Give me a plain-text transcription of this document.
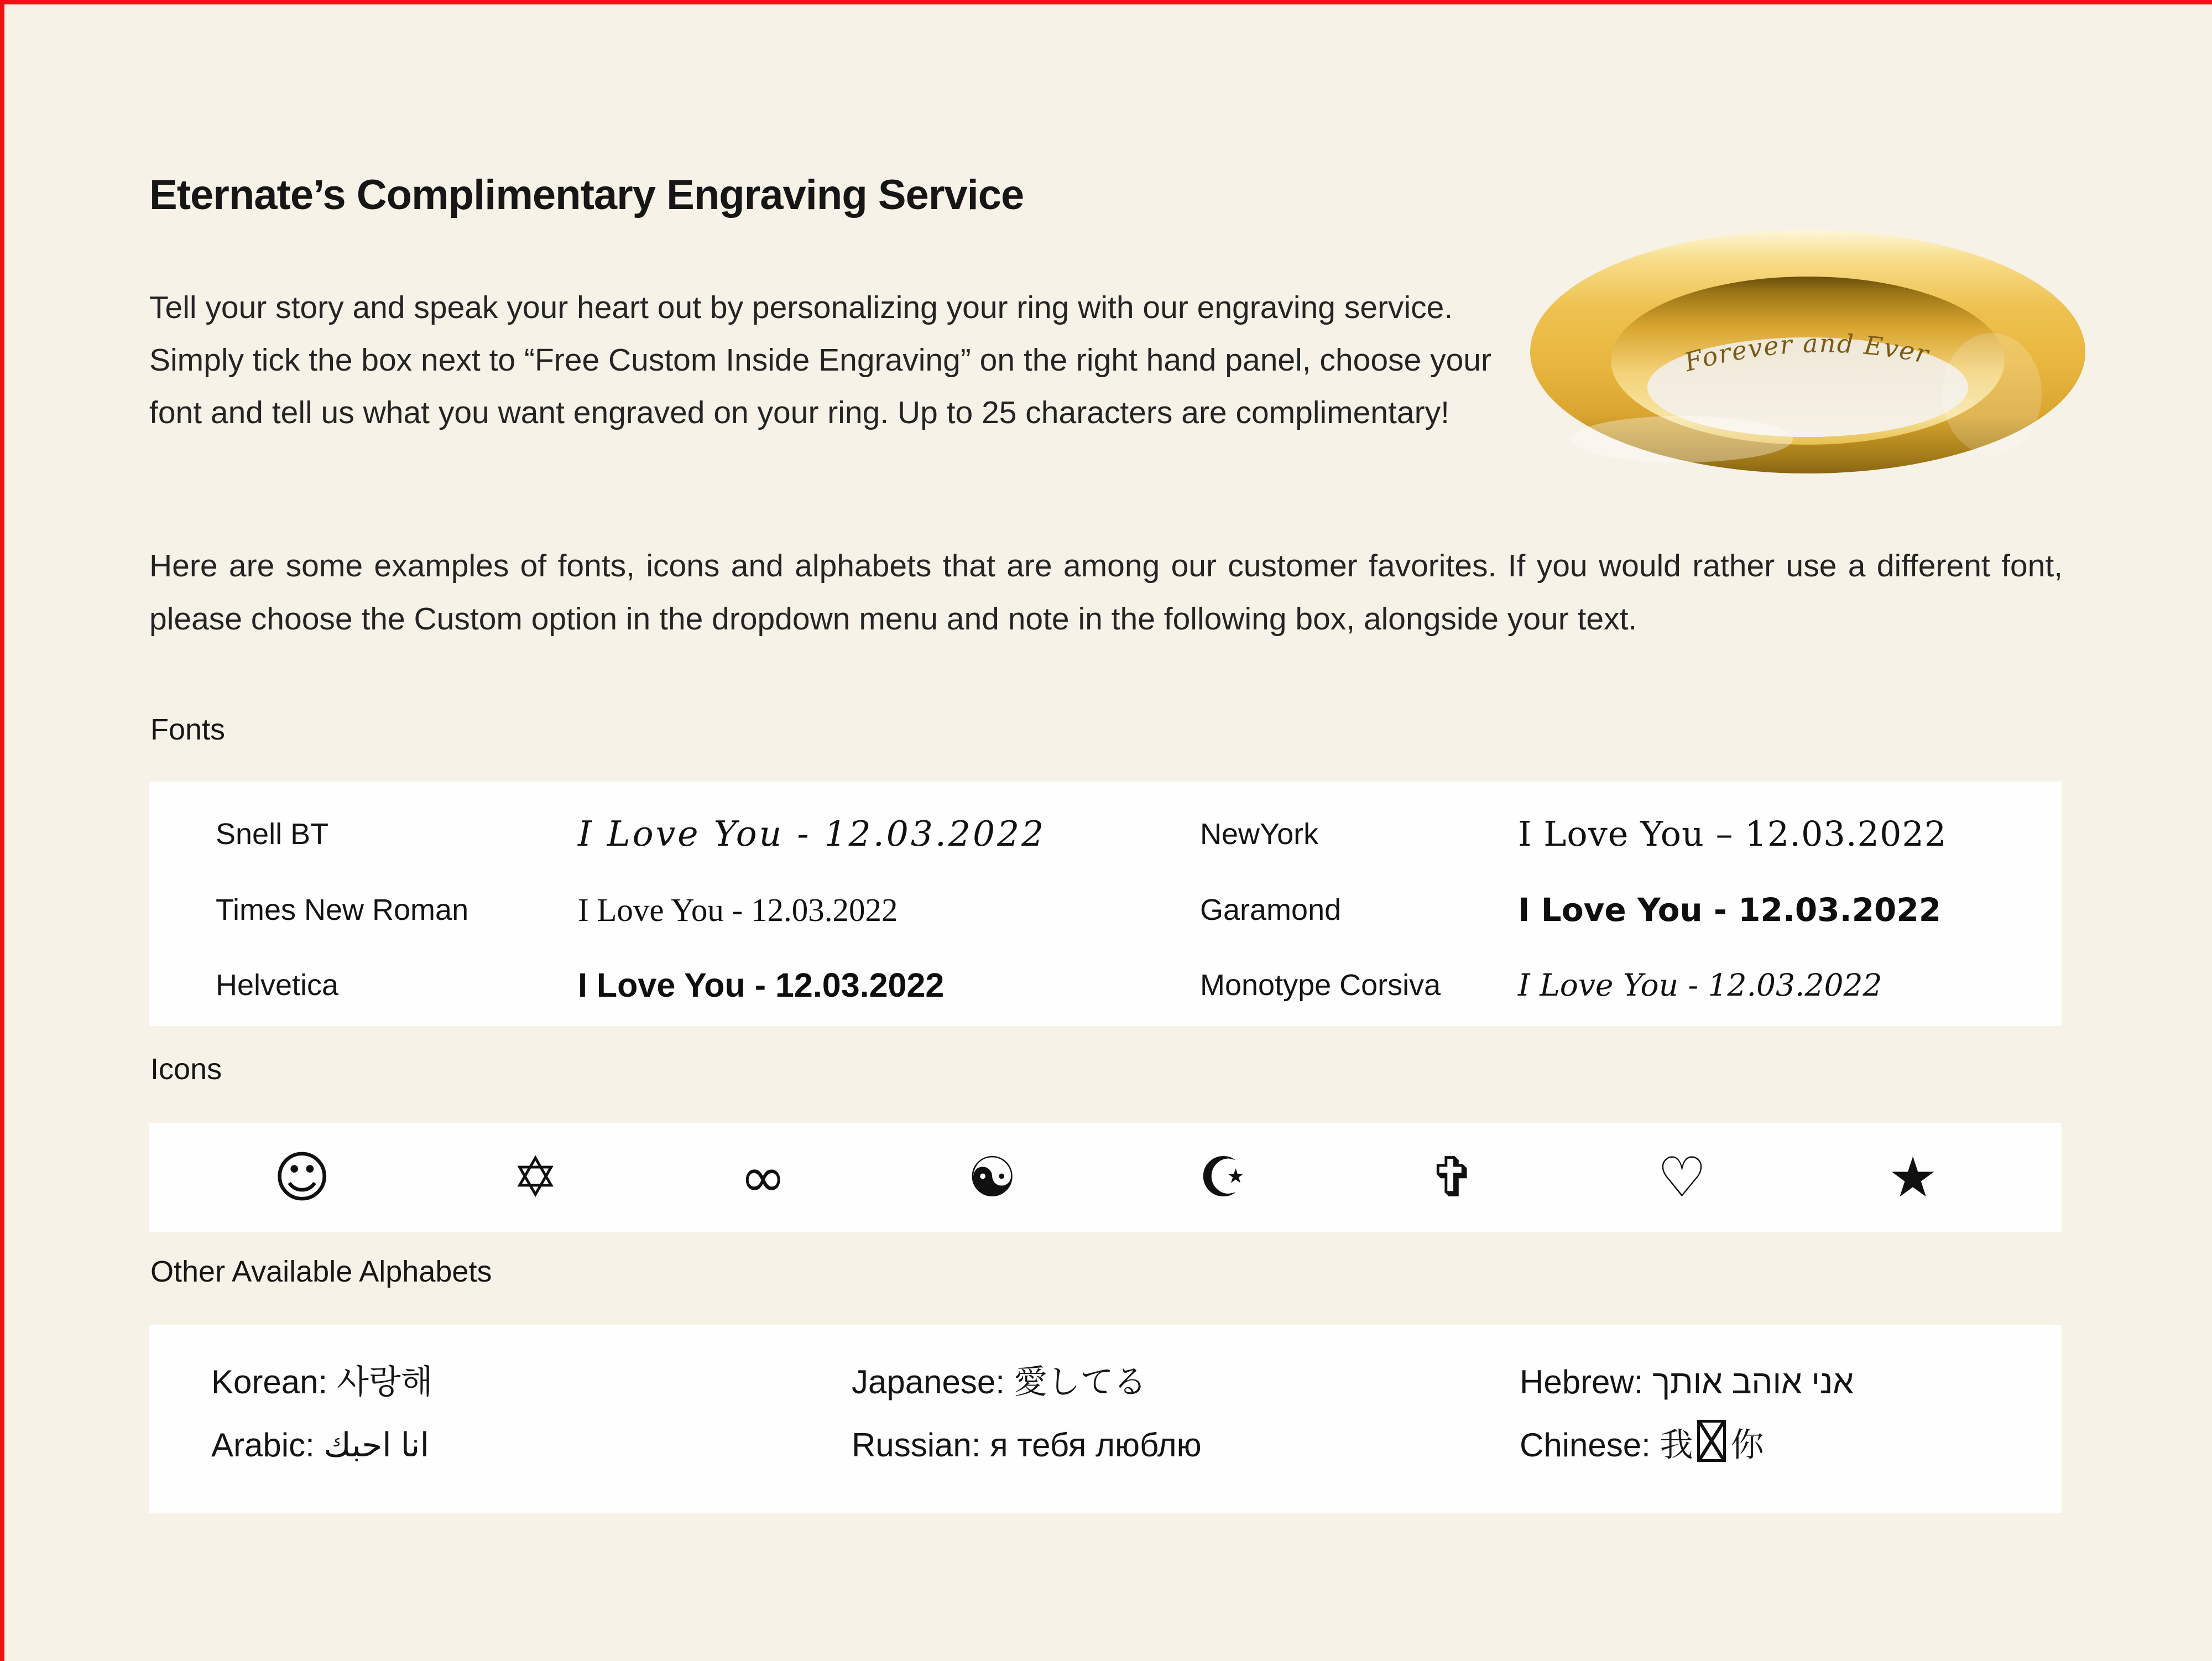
Eternate’s Complimentary Engraving Service

Tell your story and speak your heart out by personalizing your ring with our engraving service. Simply tick the box next to “Free Custom Inside Engraving” on the right hand panel, choose your font and tell us what you want engraved on your ring. Up to 25 characters are complimentary!

Forever and Ever

Here are some examples of fonts, icons and alphabets that are among our customer favorites. If you would rather use a different font, please choose the Custom option in the dropdown menu and note in the following box, alongside your text.

Fonts
Snell BT	I Love You - 12.03.2022
Times New Roman	I Love You - 12.03.2022
Helvetica	I Love You - 12.03.2022
NewYork	I Love You – 12.03.2022
Garamond	I Love You - 12.03.2022
Monotype Corsiva	I Love You - 12.03.2022
Icons
☺	✡	∞	☯	☪	✞	♡	★
Other Available Alphabets
Korean: 사랑해	Japanese: 愛してる	Hebrew: אני אוהב אותך
Arabic: انا احبك	Russian: я тебя люблю	Chinese: 我 你
